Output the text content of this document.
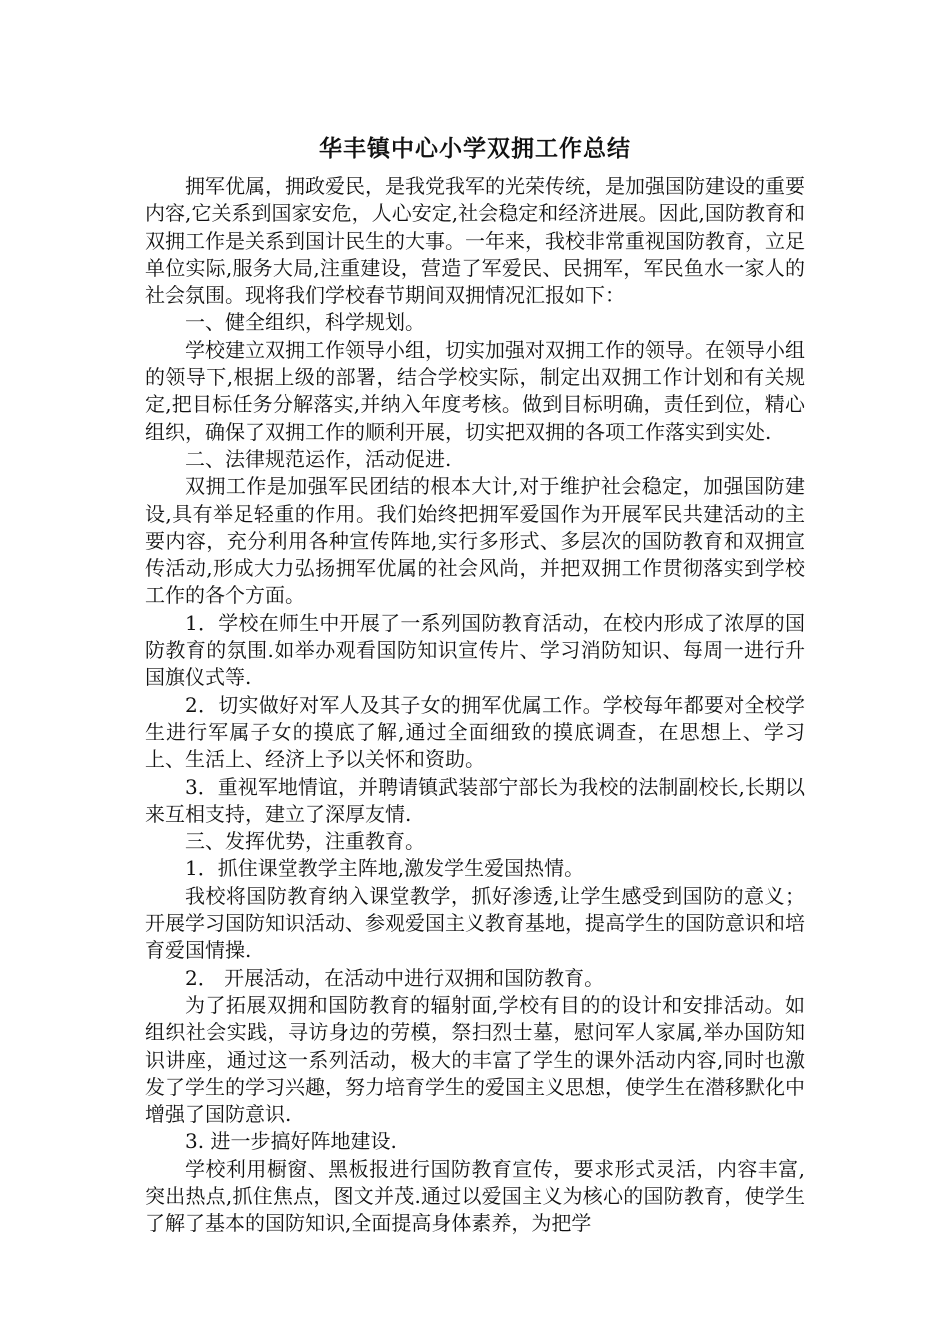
华丰镇中心小学双拥工作总结

拥军优属，拥政爱民，是我党我军的光荣传统，是加强国防建设的重要内容,它关系到国家安危，人心安定,社会稳定和经济进展。因此,国防教育和双拥工作是关系到国计民生的大事。一年来，我校非常重视国防教育，立足单位实际,服务大局,注重建设，营造了军爱民、民拥军，军民鱼水一家人的社会氛围。现将我们学校春节期间双拥情况汇报如下：

一、健全组织，科学规划。

学校建立双拥工作领导小组，切实加强对双拥工作的领导。在领导小组的领导下,根据上级的部署，结合学校实际，制定出双拥工作计划和有关规定,把目标任务分解落实,并纳入年度考核。做到目标明确，责任到位，精心组织，确保了双拥工作的顺利开展，切实把双拥的各项工作落实到实处.

二、法律规范运作，活动促进.

双拥工作是加强军民团结的根本大计,对于维护社会稳定，加强国防建设,具有举足轻重的作用。我们始终把拥军爱国作为开展军民共建活动的主要内容，充分利用各种宣传阵地,实行多形式、多层次的国防教育和双拥宣传活动,形成大力弘扬拥军优属的社会风尚，并把双拥工作贯彻落实到学校工作的各个方面。

1．学校在师生中开展了一系列国防教育活动，在校内形成了浓厚的国防教育的氛围.如举办观看国防知识宣传片、学习消防知识、每周一进行升国旗仪式等.

2．切实做好对军人及其子女的拥军优属工作。学校每年都要对全校学生进行军属子女的摸底了解,通过全面细致的摸底调查，在思想上、学习上、生活上、经济上予以关怀和资助。

3．重视军地情谊，并聘请镇武装部宁部长为我校的法制副校长,长期以来互相支持，建立了深厚友情.

三、发挥优势，注重教育。

1．抓住课堂教学主阵地,激发学生爱国热情。

我校将国防教育纳入课堂教学，抓好渗透,让学生感受到国防的意义；开展学习国防知识活动、参观爱国主义教育基地，提高学生的国防意识和培育爱国情操.

2． 开展活动，在活动中进行双拥和国防教育。

为了拓展双拥和国防教育的辐射面,学校有目的的设计和安排活动。如组织社会实践，寻访身边的劳模，祭扫烈士墓，慰问军人家属,举办国防知识讲座，通过这一系列活动，极大的丰富了学生的课外活动内容,同时也激发了学生的学习兴趣，努力培育学生的爱国主义思想，使学生在潜移默化中增强了国防意识.

3. 进一步搞好阵地建设.

学校利用橱窗、黑板报进行国防教育宣传，要求形式灵活，内容丰富,突出热点,抓住焦点，图文并茂.通过以爱国主义为核心的国防教育，使学生了解了基本的国防知识,全面提高身体素养，为把学
